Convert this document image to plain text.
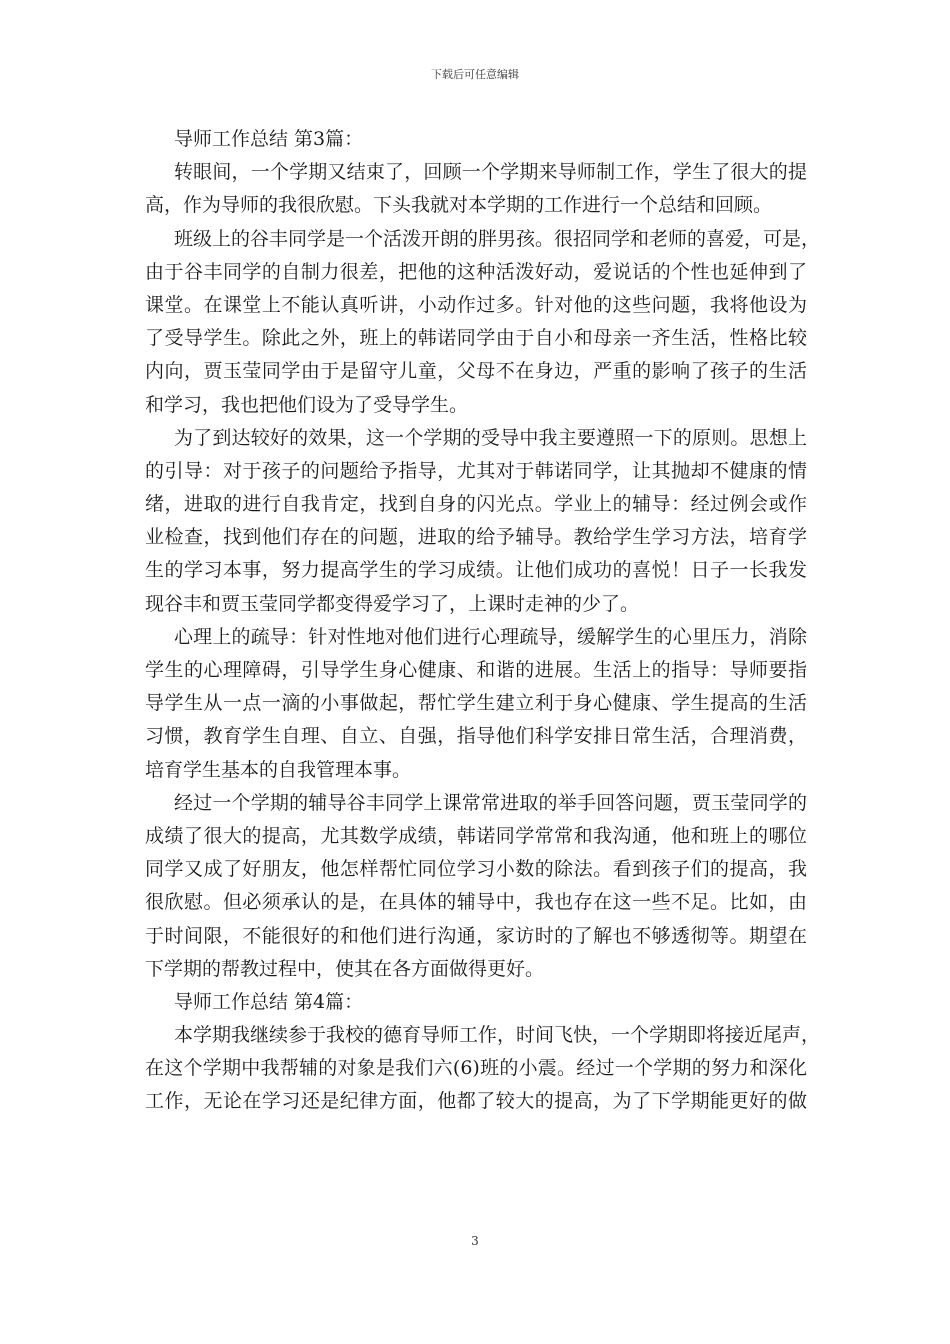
下载后可任意编辑
导师工作总结 第3篇：
转眼间，一个学期又结束了，回顾一个学期来导师制工作，学生了很大的提
高，作为导师的我很欣慰。下头我就对本学期的工作进行一个总结和回顾。
班级上的谷丰同学是一个活泼开朗的胖男孩。很招同学和老师的喜爱，可是，
由于谷丰同学的自制力很差，把他的这种活泼好动，爱说话的个性也延伸到了
课堂。在课堂上不能认真听讲，小动作过多。针对他的这些问题，我将他设为
了受导学生。除此之外，班上的韩诺同学由于自小和母亲一齐生活，性格比较
内向，贾玉莹同学由于是留守儿童，父母不在身边，严重的影响了孩子的生活
和学习，我也把他们设为了受导学生。
为了到达较好的效果，这一个学期的受导中我主要遵照一下的原则。思想上
的引导：对于孩子的问题给予指导，尤其对于韩诺同学，让其抛却不健康的情
绪，进取的进行自我肯定，找到自身的闪光点。学业上的辅导：经过例会或作
业检查，找到他们存在的问题，进取的给予辅导。教给学生学习方法，培育学
生的学习本事，努力提高学生的学习成绩。让他们成功的喜悦！日子一长我发
现谷丰和贾玉莹同学都变得爱学习了，上课时走神的少了。
心理上的疏导：针对性地对他们进行心理疏导，缓解学生的心里压力，消除
学生的心理障碍，引导学生身心健康、和谐的进展。生活上的指导：导师要指
导学生从一点一滴的小事做起，帮忙学生建立利于身心健康、学生提高的生活
习惯，教育学生自理、自立、自强，指导他们科学安排日常生活，合理消费，
培育学生基本的自我管理本事。
经过一个学期的辅导谷丰同学上课常常进取的举手回答问题，贾玉莹同学的
成绩了很大的提高，尤其数学成绩，韩诺同学常常和我沟通，他和班上的哪位
同学又成了好朋友，他怎样帮忙同位学习小数的除法。看到孩子们的提高，我
很欣慰。但必须承认的是，在具体的辅导中，我也存在这一些不足。比如，由
于时间限，不能很好的和他们进行沟通，家访时的了解也不够透彻等。期望在
下学期的帮教过程中，使其在各方面做得更好。
导师工作总结 第4篇：
本学期我继续参于我校的德育导师工作，时间飞快，一个学期即将接近尾声，
在这个学期中我帮辅的对象是我们六(6)班的小震。经过一个学期的努力和深化
工作，无论在学习还是纪律方面，他都了较大的提高，为了下学期能更好的做
3
